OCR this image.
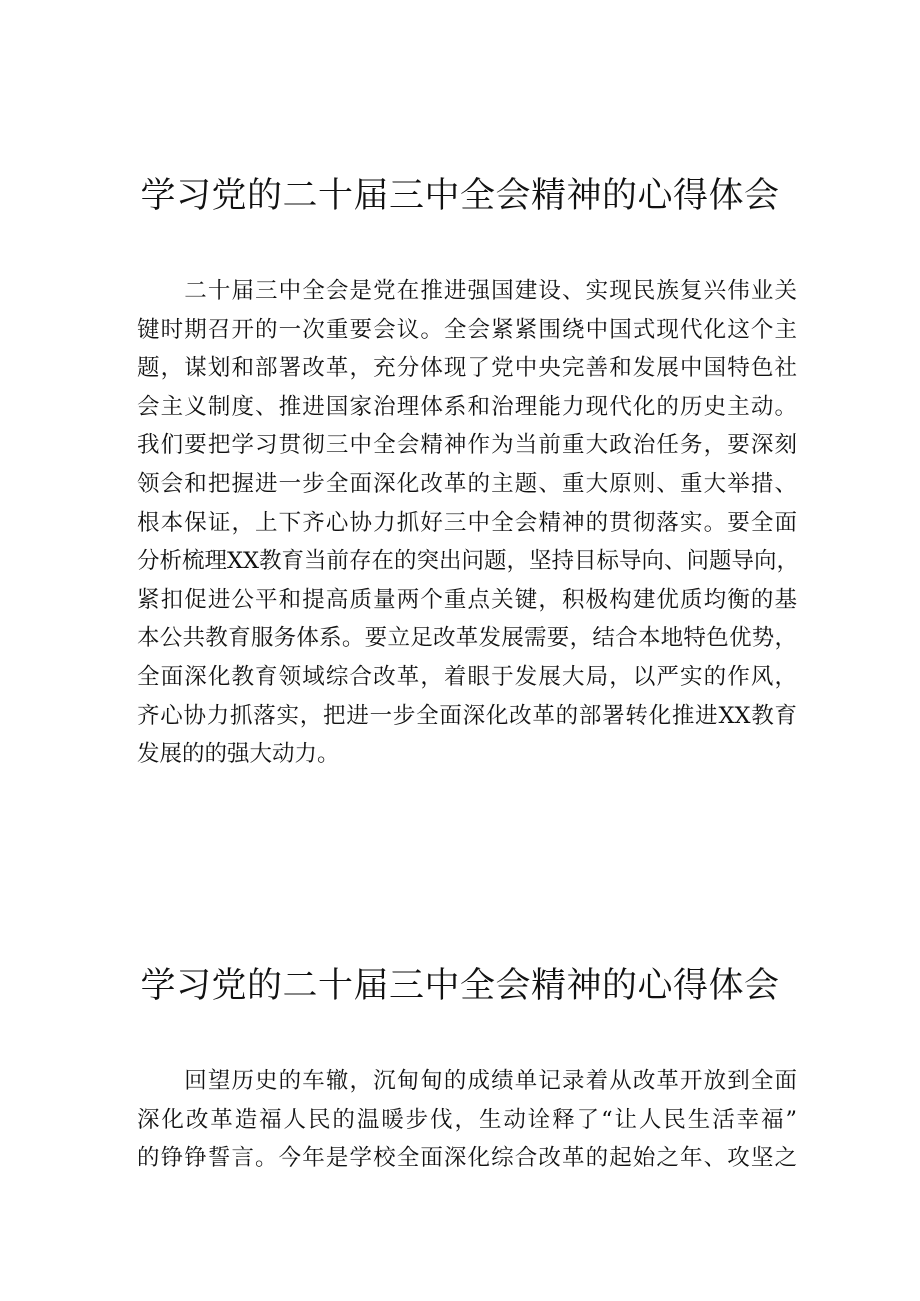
学习党的二十届三中全会精神的心得体会
　　二十届三中全会是党在推进强国建设、实现民族复兴伟业关
键时期召开的一次重要会议。全会紧紧围绕中国式现代化这个主
题，谋划和部署改革，充分体现了党中央完善和发展中国特色社
会主义制度、推进国家治理体系和治理能力现代化的历史主动。
我们要把学习贯彻三中全会精神作为当前重大政治任务，要深刻
领会和把握进一步全面深化改革的主题、重大原则、重大举措、
根本保证，上下齐心协力抓好三中全会精神的贯彻落实。要全面
分析梳理XX教育当前存在的突出问题，坚持目标导向、问题导向，
紧扣促进公平和提高质量两个重点关键，积极构建优质均衡的基
本公共教育服务体系。要立足改革发展需要，结合本地特色优势，
全面深化教育领域综合改革，着眼于发展大局，以严实的作风，
齐心协力抓落实，把进一步全面深化改革的部署转化推进XX教育
发展的的强大动力。
学习党的二十届三中全会精神的心得体会
　　回望历史的车辙，沉甸甸的成绩单记录着从改革开放到全面
深化改革造福人民的温暖步伐，生动诠释了“让人民生活幸福”
的铮铮誓言。今年是学校全面深化综合改革的起始之年、攻坚之
